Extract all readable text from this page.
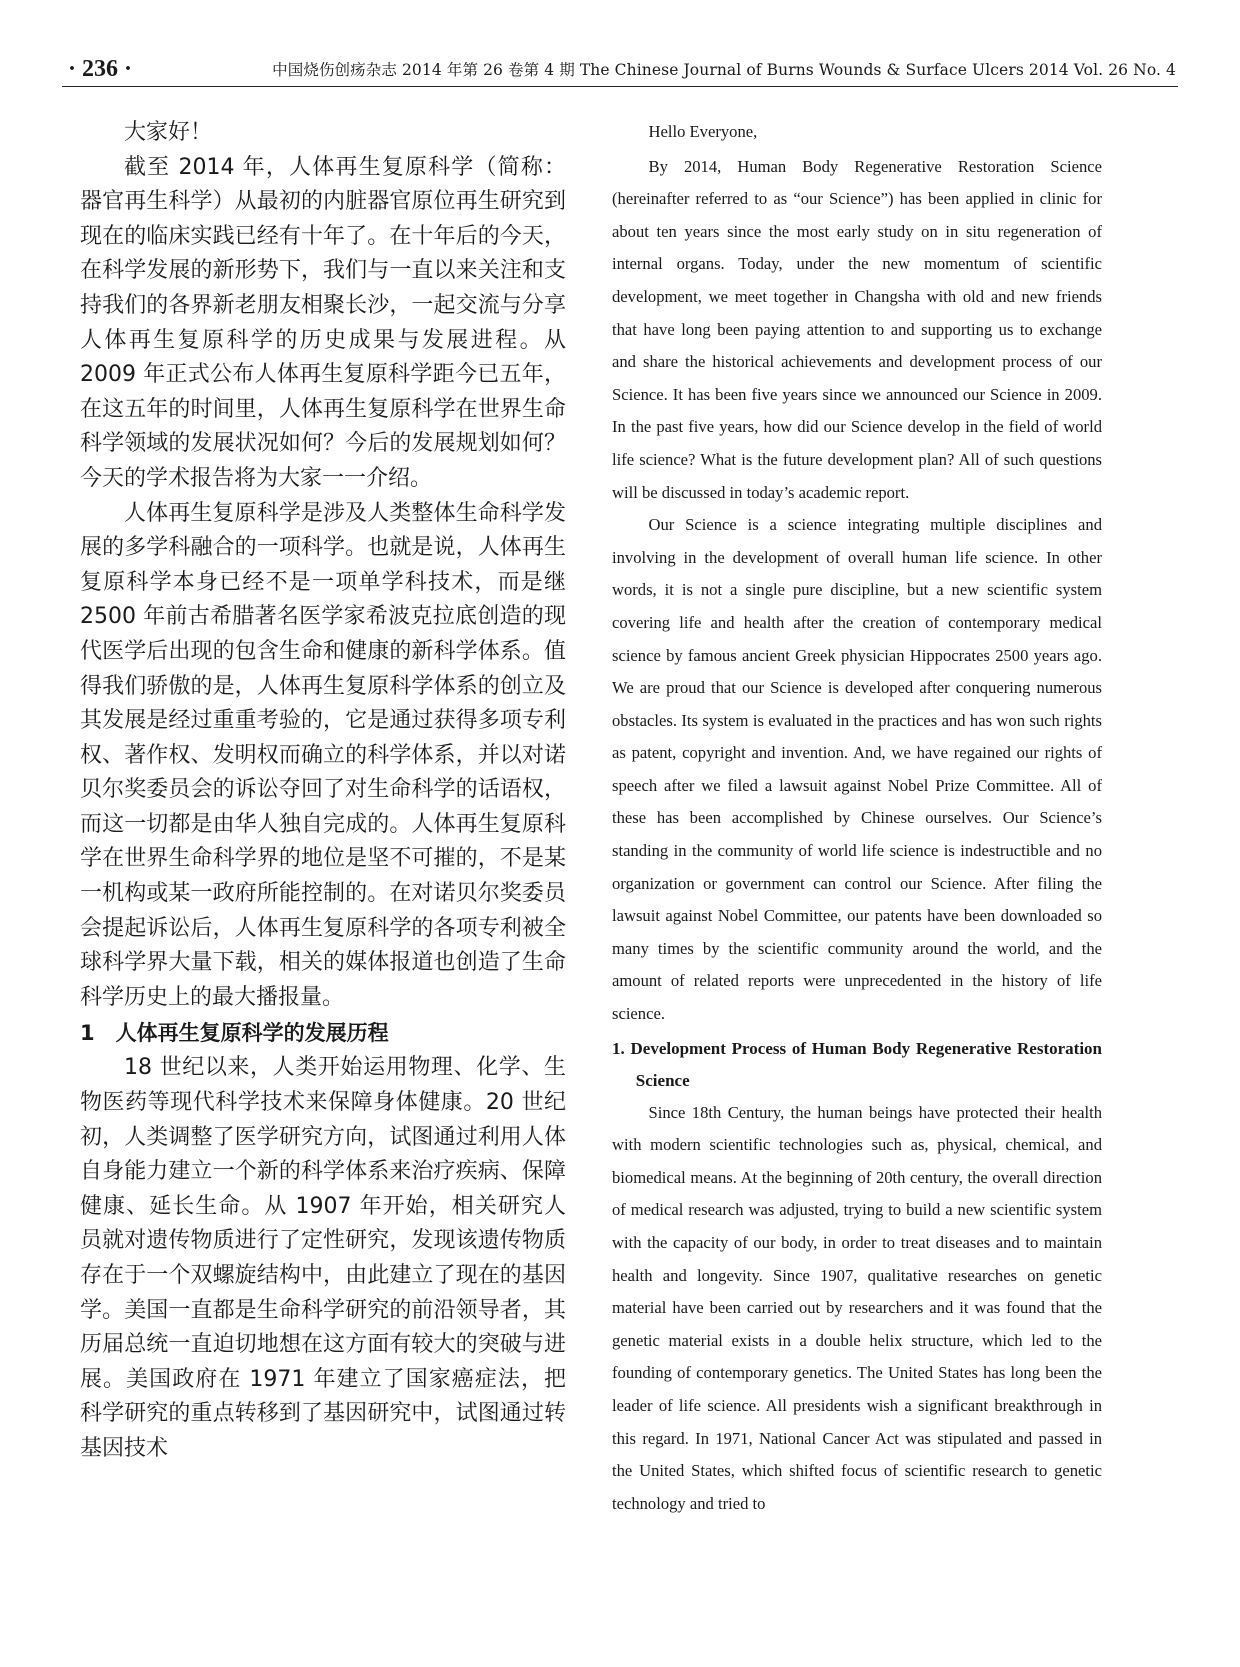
· 236 ·	中国烧伤创疡杂志 2014 年第 26 卷第 4 期 The Chinese Journal of Burns Wounds & Surface Ulcers 2014 Vol. 26 No. 4

大家好！

截至 2014 年，人体再生复原科学（简称：器官再生科学）从最初的内脏器官原位再生研究到现在的临床实践已经有十年了。在十年后的今天，在科学发展的新形势下，我们与一直以来关注和支持我们的各界新老朋友相聚长沙，一起交流与分享人体再生复原科学的历史成果与发展进程。从 2009 年正式公布人体再生复原科学距今已五年，在这五年的时间里，人体再生复原科学在世界生命科学领域的发展状况如何？今后的发展规划如何？今天的学术报告将为大家一一介绍。

人体再生复原科学是涉及人类整体生命科学发展的多学科融合的一项科学。也就是说，人体再生复原科学本身已经不是一项单学科技术，而是继 2500 年前古希腊著名医学家希波克拉底创造的现代医学后出现的包含生命和健康的新科学体系。值得我们骄傲的是，人体再生复原科学体系的创立及其发展是经过重重考验的，它是通过获得多项专利权、著作权、发明权而确立的科学体系，并以对诺贝尔奖委员会的诉讼夺回了对生命科学的话语权，而这一切都是由华人独自完成的。人体再生复原科学在世界生命科学界的地位是坚不可摧的，不是某一机构或某一政府所能控制的。在对诺贝尔奖委员会提起诉讼后，人体再生复原科学的各项专利被全球科学界大量下载，相关的媒体报道也创造了生命科学历史上的最大播报量。

1　人体再生复原科学的发展历程

18 世纪以来，人类开始运用物理、化学、生物医药等现代科学技术来保障身体健康。20 世纪初，人类调整了医学研究方向，试图通过利用人体自身能力建立一个新的科学体系来治疗疾病、保障健康、延长生命。从 1907 年开始，相关研究人员就对遗传物质进行了定性研究，发现该遗传物质存在于一个双螺旋结构中，由此建立了现在的基因学。美国一直都是生命科学研究的前沿领导者，其历届总统一直迫切地想在这方面有较大的突破与进展。美国政府在 1971 年建立了国家癌症法，把科学研究的重点转移到了基因研究中，试图通过转基因技术

Hello Everyone,

By 2014, Human Body Regenerative Restoration Science (hereinafter referred to as “our Science”) has been applied in clinic for about ten years since the most early study on in situ regeneration of internal organs. Today, under the new momentum of scientific development, we meet together in Changsha with old and new friends that have long been paying attention to and supporting us to exchange and share the historical achievements and development process of our Science. It has been five years since we announced our Science in 2009. In the past five years, how did our Science develop in the field of world life science? What is the future development plan? All of such questions will be discussed in today’s academic report.

Our Science is a science integrating multiple disciplines and involving in the development of overall human life science. In other words, it is not a single pure discipline, but a new scientific system covering life and health after the creation of contemporary medical science by famous ancient Greek physician Hippocrates 2500 years ago. We are proud that our Science is developed after conquering numerous obstacles. Its system is evaluated in the practices and has won such rights as patent, copyright and invention. And, we have regained our rights of speech after we filed a lawsuit against Nobel Prize Committee. All of these has been accomplished by Chinese ourselves. Our Science’s standing in the community of world life science is indestructible and no organization or government can control our Science. After filing the lawsuit against Nobel Committee, our patents have been downloaded so many times by the scientific community around the world, and the amount of related reports were unprecedented in the history of life science.

1. Development Process of Human Body Regenerative Restoration Science

Since 18th Century, the human beings have protected their health with modern scientific technologies such as, physical, chemical, and biomedical means. At the beginning of 20th century, the overall direction of medical research was adjusted, trying to build a new scientific system with the capacity of our body, in order to treat diseases and to maintain health and longevity. Since 1907, qualitative researches on genetic material have been carried out by researchers and it was found that the genetic material exists in a double helix structure, which led to the founding of contemporary genetics. The United States has long been the leader of life science. All presidents wish a significant breakthrough in this regard. In 1971, National Cancer Act was stipulated and passed in the United States, which shifted focus of scientific research to genetic technology and tried to
